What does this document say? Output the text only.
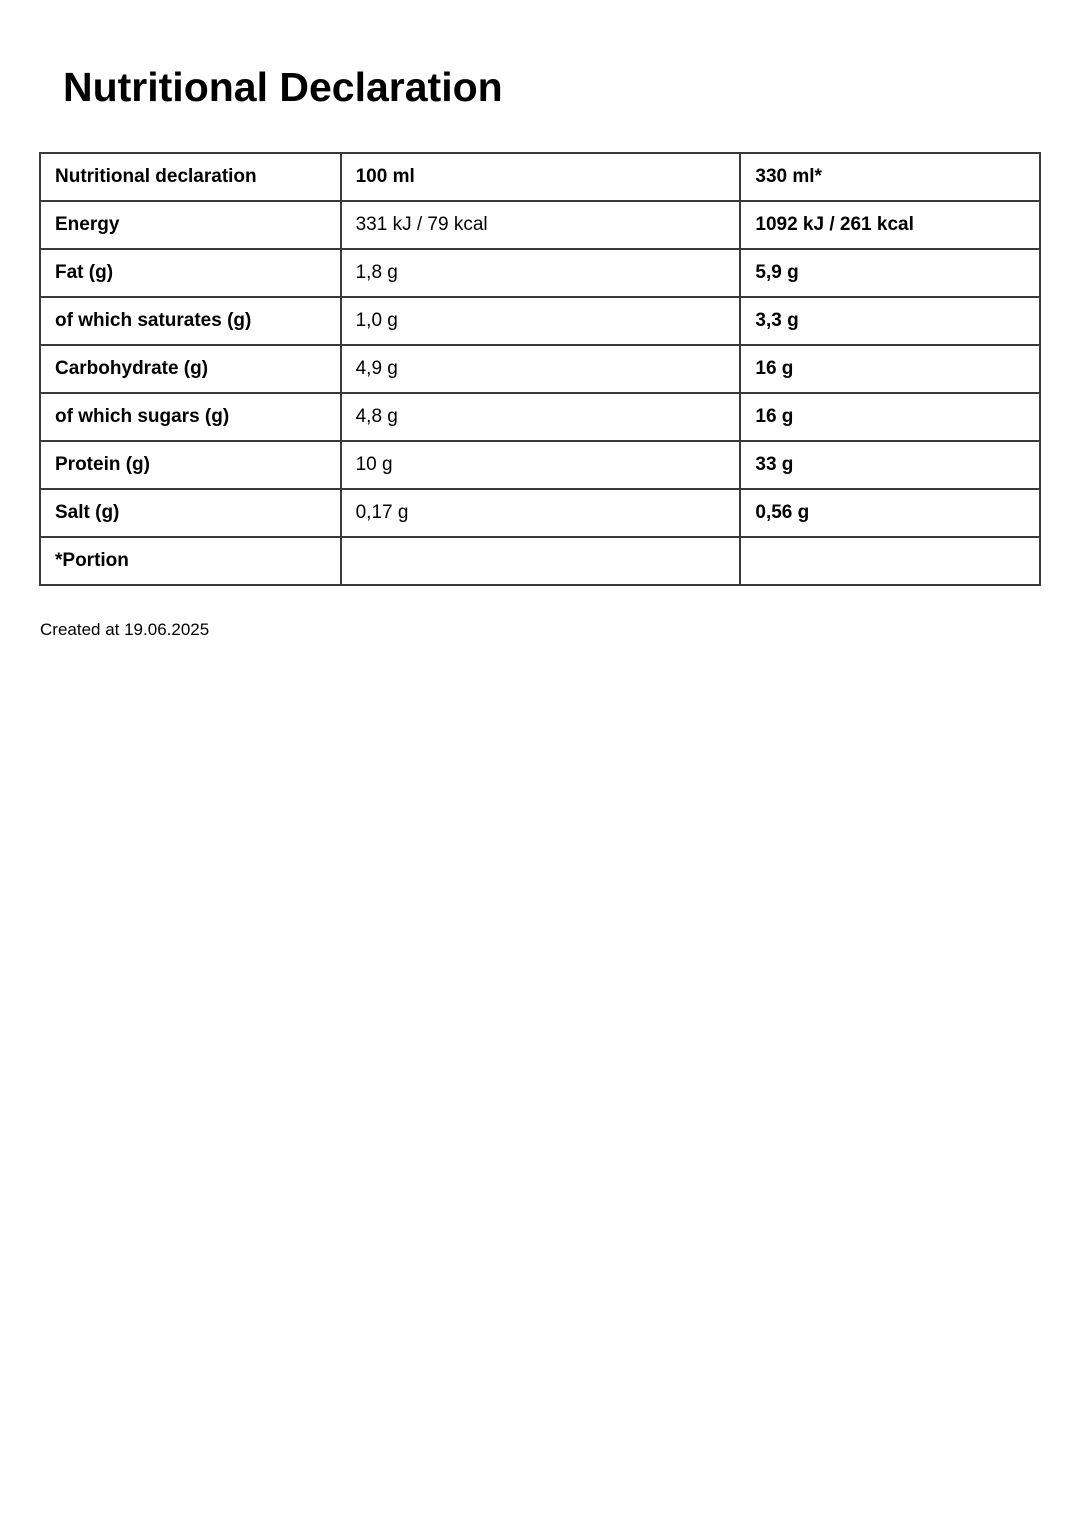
Nutritional Declaration
Nutritional declaration	100 ml	330 ml*
Energy	331 kJ / 79 kcal	1092 kJ / 261 kcal
Fat (g)	1,8 g	5,9 g
of which saturates (g)	1,0 g	3,3 g
Carbohydrate (g)	4,9 g	16 g
of which sugars (g)	4,8 g	16 g
Protein (g)	10 g	33 g
Salt (g)	0,17 g	0,56 g
*Portion		
Created at 19.06.2025
